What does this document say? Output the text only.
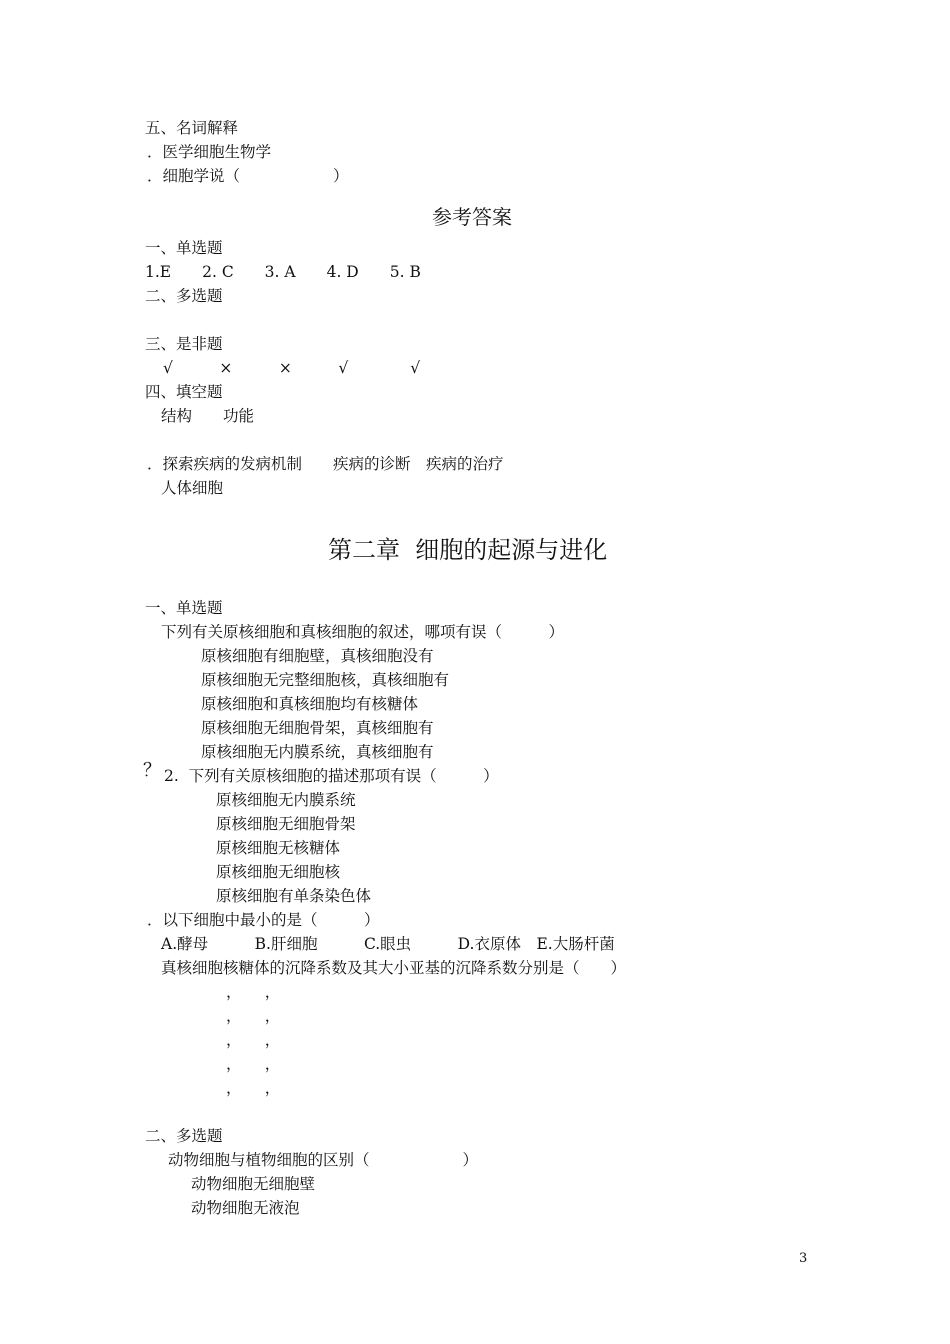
五、名词解释
．医学细胞生物学
．细胞学说（　　　　　　）
参考答案
一、单选题
1.E　　2. C　　3. A　　4. D　　5. B
二、多选题
三、是非题
√　　　×　　　×　　　√　　　　√
四、填空题
结构　　功能
．探索疾病的发病机制　　疾病的诊断　疾病的治疗
人体细胞
第二章  细胞的起源与进化
一、单选题
下列有关原核细胞和真核细胞的叙述，哪项有误（　　　）
原核细胞有细胞壁，真核细胞没有
原核细胞无完整细胞核，真核细胞有
原核细胞和真核细胞均有核糖体
原核细胞无细胞骨架，真核细胞有
原核细胞无内膜系统，真核细胞有
？ 2.  下列有关原核细胞的描述那项有误（　　　）
原核细胞无内膜系统
原核细胞无细胞骨架
原核细胞无核糖体
原核细胞无细胞核
原核细胞有单条染色体
．以下细胞中最小的是（　　　）
A.酵母　　　B.肝细胞　　　C.眼虫　　　D.衣原体　E.大肠杆菌
真核细胞核糖体的沉降系数及其大小亚基的沉降系数分别是（　　）
，　　，
，　　，
，　　，
，　　，
，　　，
二、多选题
动物细胞与植物细胞的区别（　　　　　　）
动物细胞无细胞壁
动物细胞无液泡
3
